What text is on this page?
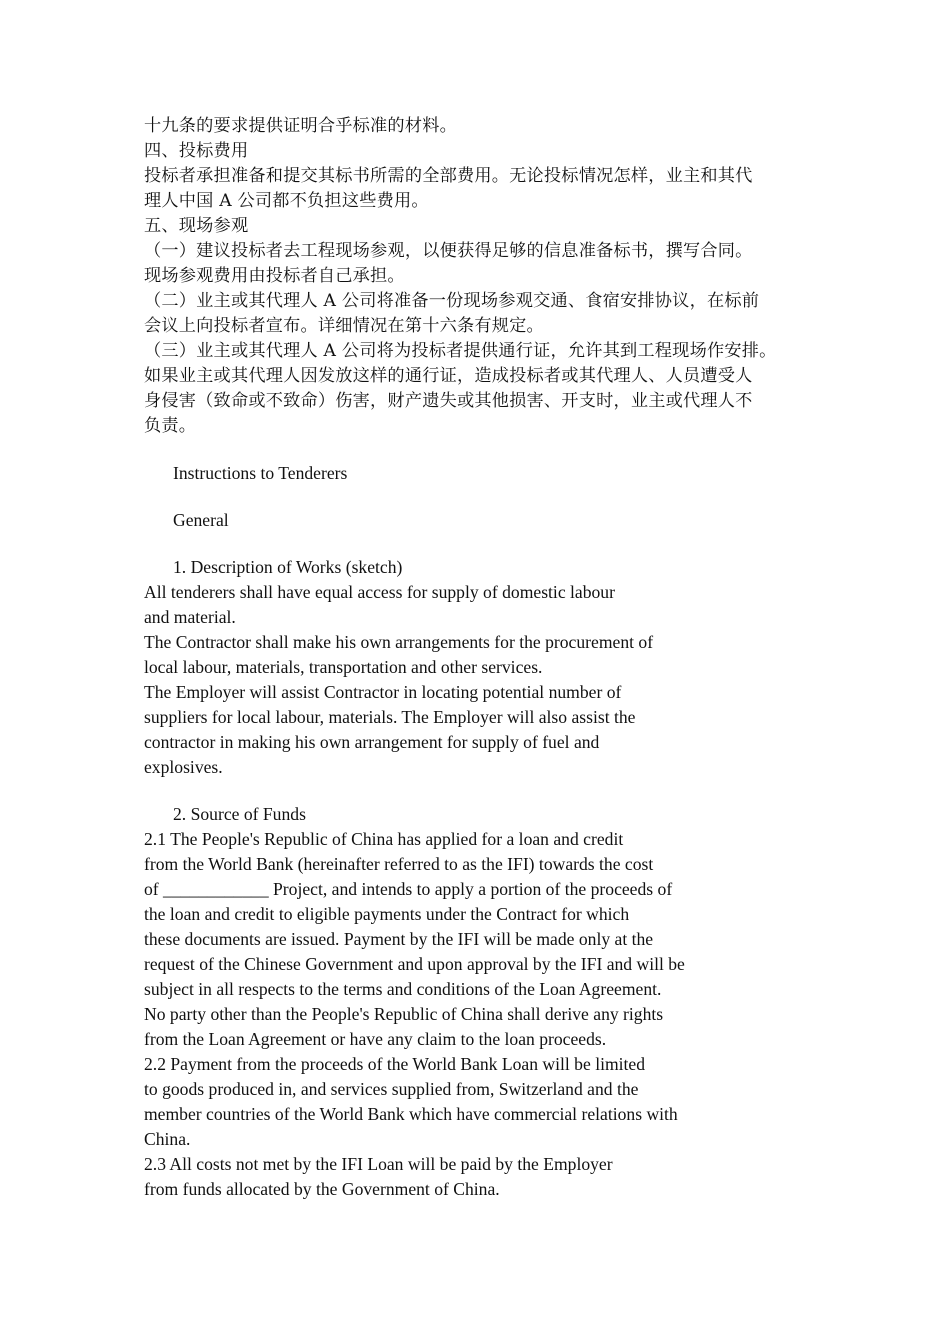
十九条的要求提供证明合乎标准的材料。
四、投标费用
投标者承担准备和提交其标书所需的全部费用。无论投标情况怎样，业主和其代
理人中国 A 公司都不负担这些费用。
五、现场参观
（一）建议投标者去工程现场参观，以便获得足够的信息准备标书，撰写合同。
现场参观费用由投标者自己承担。
（二）业主或其代理人 A 公司将准备一份现场参观交通、食宿安排协议，在标前
会议上向投标者宣布。详细情况在第十六条有规定。
（三）业主或其代理人 A 公司将为投标者提供通行证，允许其到工程现场作安排。
如果业主或其代理人因发放这样的通行证，造成投标者或其代理人、人员遭受人
身侵害（致命或不致命）伤害，财产遗失或其他损害、开支时，业主或代理人不
负责。
Instructions to Tenderers
General
1. Description of Works (sketch)
All tenderers shall have equal access for supply of domestic labour
and material.
The Contractor shall make his own arrangements for the procurement of
local labour, materials, transportation and other services.
The Employer will assist Contractor in locating potential number of
suppliers for local labour, materials. The Employer will also assist the
contractor in making his own arrangement for supply of fuel and
explosives.
2. Source of Funds
2.1 The People's Republic of China has applied for a loan and credit
from the World Bank (hereinafter referred to as the IFI) towards the cost
of ____________ Project, and intends to apply a portion of the proceeds of
the loan and credit to eligible payments under the Contract for which
these documents are issued. Payment by the IFI will be made only at the
request of the Chinese Government and upon approval by the IFI and will be
subject in all respects to the terms and conditions of the Loan Agreement.
No party other than the People's Republic of China shall derive any rights
from the Loan Agreement or have any claim to the loan proceeds.
2.2 Payment from the proceeds of the World Bank Loan will be limited
to goods produced in, and services supplied from, Switzerland and the
member countries of the World Bank which have commercial relations with
China.
2.3 All costs not met by the IFI Loan will be paid by the Employer
from funds allocated by the Government of China.
